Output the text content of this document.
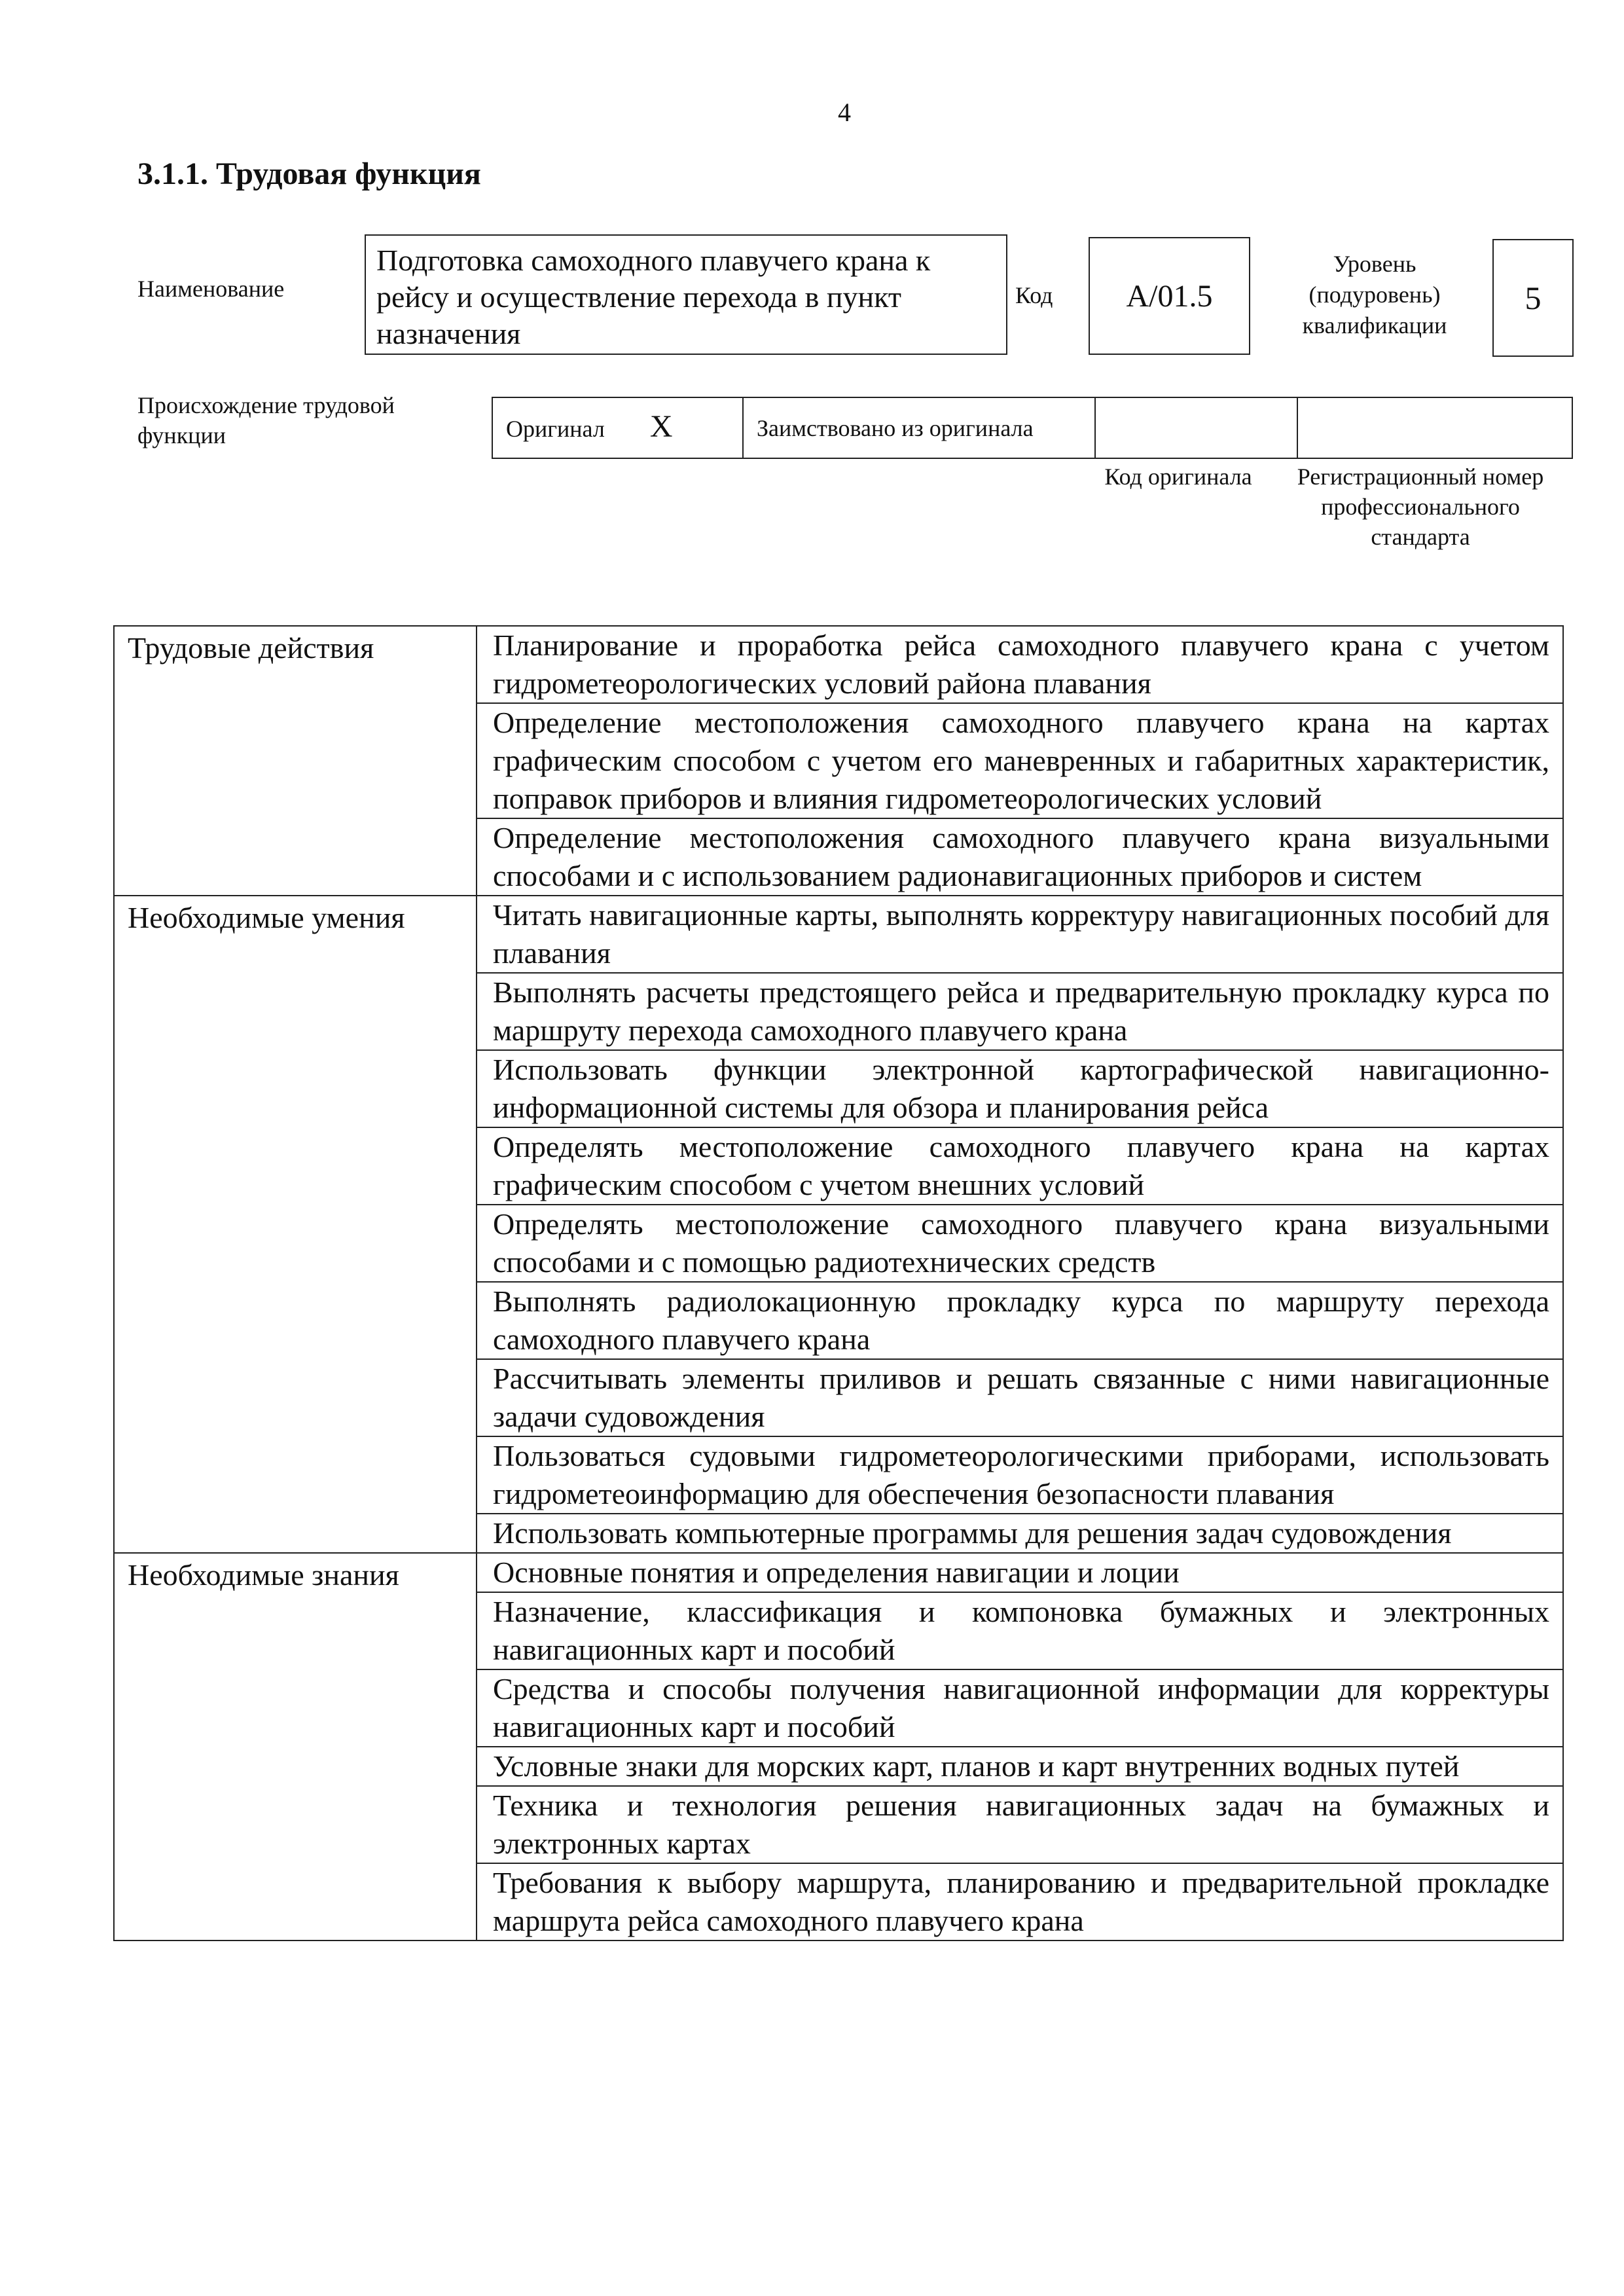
4
3.1.1. Трудовая функция
Наименование
Подготовка самоходного плавучего крана к рейсу и осуществление перехода в пункт назначения
Код	А/01.5
Уровень (подуровень) квалификации
5
Происхождение трудовой функции	Оригинал X	Заимствовано из оригинала		
Код оригинала	Регистрационный номер профессионального стандарта
Трудовые действия	Планирование и проработка рейса самоходного плавучего крана с учетом гидрометеорологических условий района плавания
	Определение местоположения самоходного плавучего крана на картах графическим способом с учетом его маневренных и габаритных характеристик, поправок приборов и влияния гидрометеорологических условий
	Определение местоположения самоходного плавучего крана визуальными способами и с использованием радионавигационных приборов и систем
Необходимые умения	Читать навигационные карты, выполнять корректуру навигационных пособий для плавания
	Выполнять расчеты предстоящего рейса и предварительную прокладку курса по маршруту перехода самоходного плавучего крана
	Использовать функции электронной картографической навигационно-информационной системы для обзора и планирования рейса
	Определять местоположение самоходного плавучего крана на картах графическим способом с учетом внешних условий
	Определять местоположение самоходного плавучего крана визуальными способами и с помощью радиотехнических средств
	Выполнять радиолокационную прокладку курса по маршруту перехода самоходного плавучего крана
	Рассчитывать элементы приливов и решать связанные с ними навигационные задачи судовождения
	Пользоваться судовыми гидрометеорологическими приборами, использовать гидрометеоинформацию для обеспечения безопасности плавания
	Использовать компьютерные программы для решения задач судовождения
Необходимые знания	Основные понятия и определения навигации и лоции
	Назначение, классификация и компоновка бумажных и электронных навигационных карт и пособий
	Средства и способы получения навигационной информации для корректуры навигационных карт и пособий
	Условные знаки для морских карт, планов и карт внутренних водных путей
	Техника и технология решения навигационных задач на бумажных и электронных картах
	Требования к выбору маршрута, планированию и предварительной прокладке маршрута рейса самоходного плавучего крана
